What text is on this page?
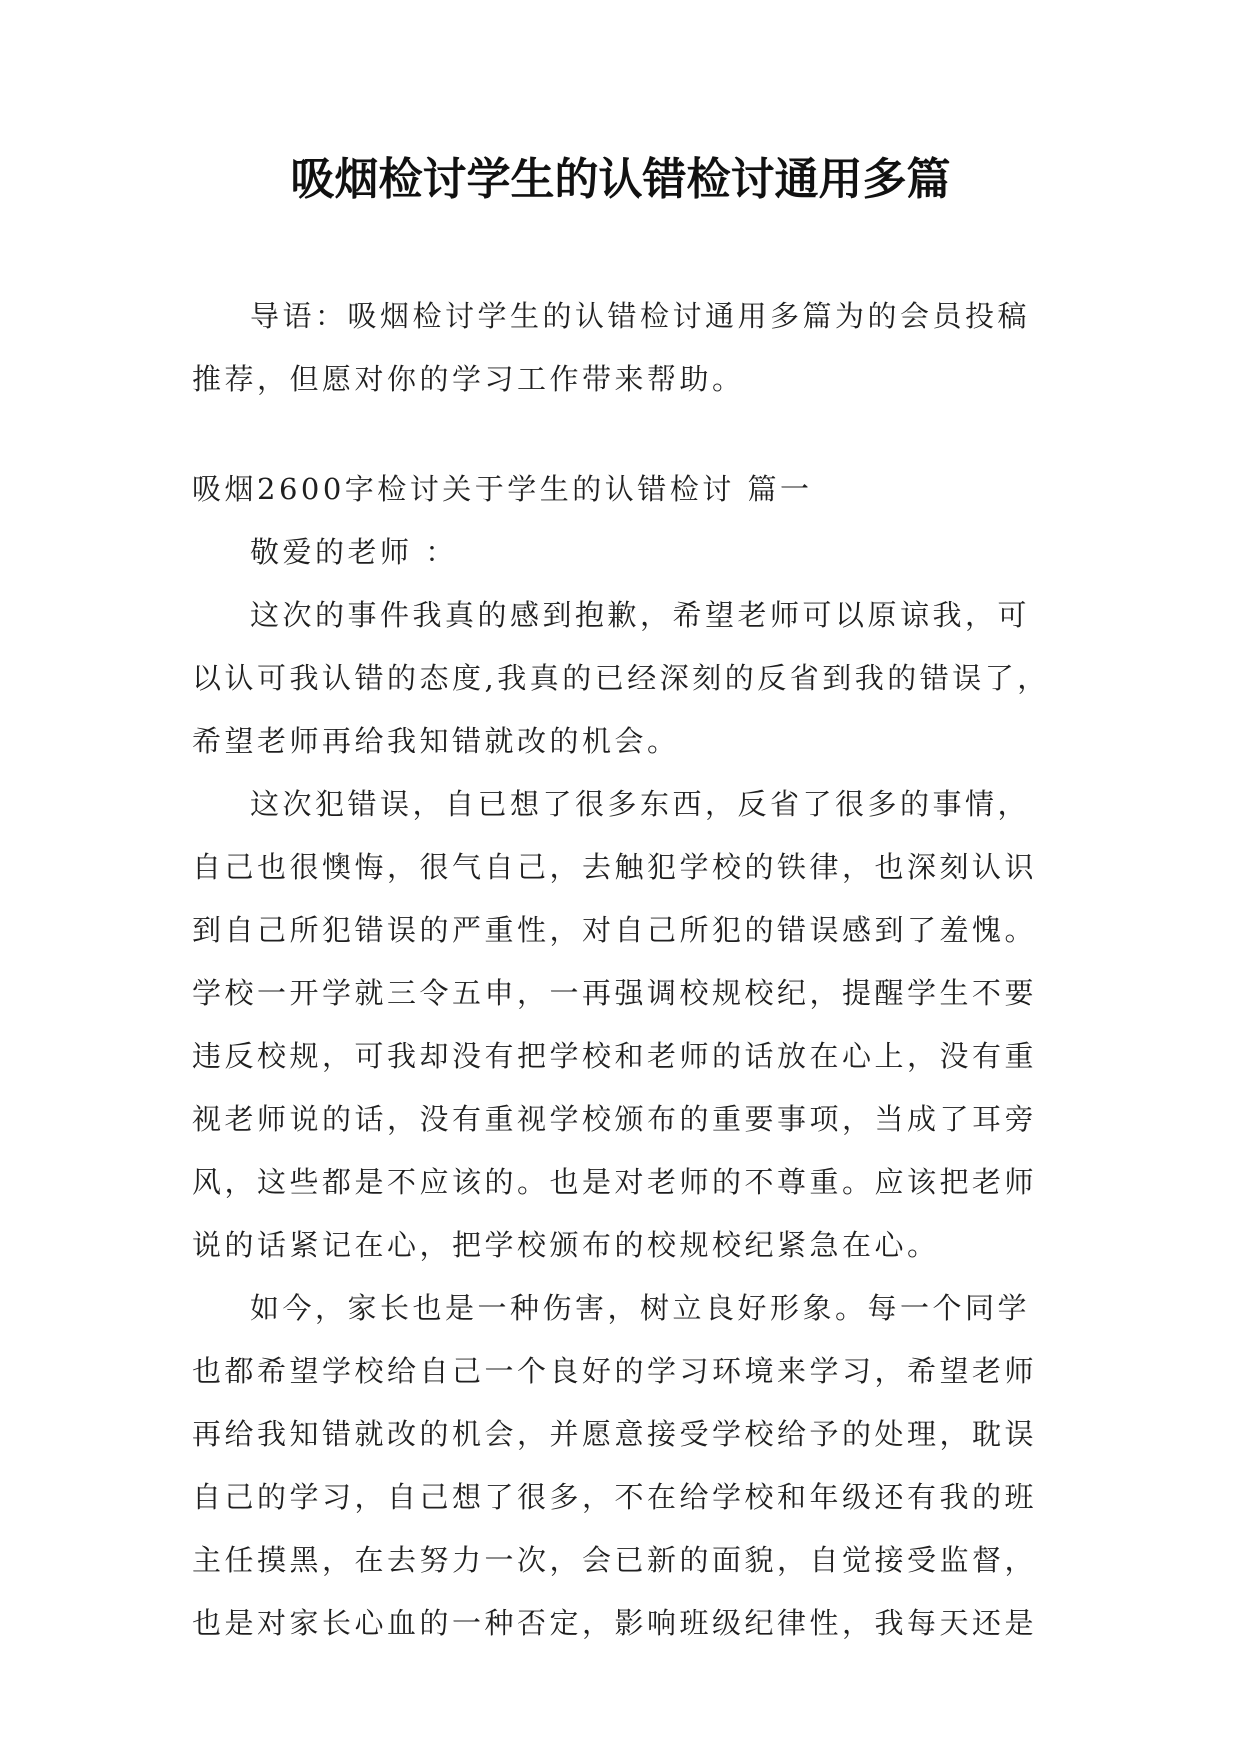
吸烟检讨学生的认错检讨通用多篇

导语：吸烟检讨学生的认错检讨通用多篇为的会员投稿推荐，但愿对你的学习工作带来帮助。

吸烟2600字检讨关于学生的认错检讨 篇一

敬爱的老师 ：

这次的事件我真的感到抱歉，希望老师可以原谅我，可以认可我认错的态度,我真的已经深刻的反省到我的错误了，希望老师再给我知错就改的机会。

这次犯错误，自已想了很多东西，反省了很多的事情，自己也很懊悔，很气自己，去触犯学校的铁律，也深刻认识到自己所犯错误的严重性，对自己所犯的错误感到了羞愧。学校一开学就三令五申，一再强调校规校纪，提醒学生不要违反校规，可我却没有把学校和老师的话放在心上，没有重视老师说的话，没有重视学校颁布的重要事项，当成了耳旁风，这些都是不应该的。也是对老师的不尊重。应该把老师说的话紧记在心，把学校颁布的校规校纪紧急在心。

如今，家长也是一种伤害，树立良好形象。每一个同学也都希望学校给自己一个良好的学习环境来学习，希望老师再给我知错就改的机会，并愿意接受学校给予的处理，耽误自己的学习，自己想了很多，不在给学校和年级还有我的班主任摸黑，在去努力一次，会已新的面貌，自觉接受监督，也是对家长心血的一种否定，影响班级纪律性，我每天还是
